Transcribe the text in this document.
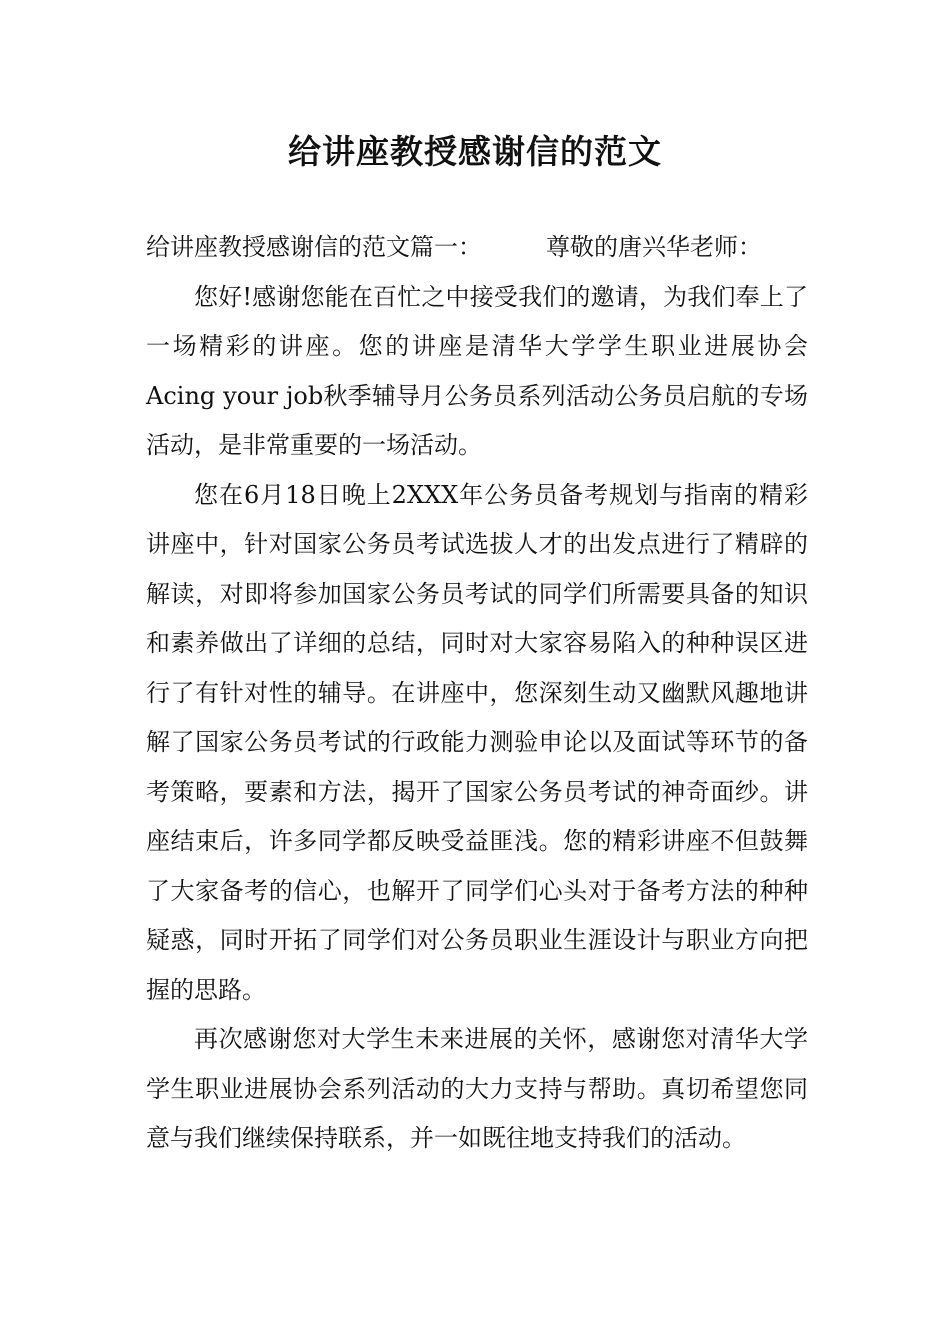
给讲座教授感谢信的范文

给讲座教授感谢信的范文篇一：	尊敬的唐兴华老师：

您好!感谢您能在百忙之中接受我们的邀请，为我们奉上了一场精彩的讲座。您的讲座是清华大学学生职业进展协会Acing your job秋季辅导月公务员系列活动公务员启航的专场活动，是非常重要的一场活动。

您在6月18日晚上2XXX年公务员备考规划与指南的精彩讲座中，针对国家公务员考试选拔人才的出发点进行了精辟的解读，对即将参加国家公务员考试的同学们所需要具备的知识和素养做出了详细的总结，同时对大家容易陷入的种种误区进行了有针对性的辅导。在讲座中，您深刻生动又幽默风趣地讲解了国家公务员考试的行政能力测验申论以及面试等环节的备考策略，要素和方法，揭开了国家公务员考试的神奇面纱。讲座结束后，许多同学都反映受益匪浅。您的精彩讲座不但鼓舞了大家备考的信心，也解开了同学们心头对于备考方法的种种疑惑，同时开拓了同学们对公务员职业生涯设计与职业方向把握的思路。

再次感谢您对大学生未来进展的关怀，感谢您对清华大学学生职业进展协会系列活动的大力支持与帮助。真切希望您同意与我们继续保持联系，并一如既往地支持我们的活动。
